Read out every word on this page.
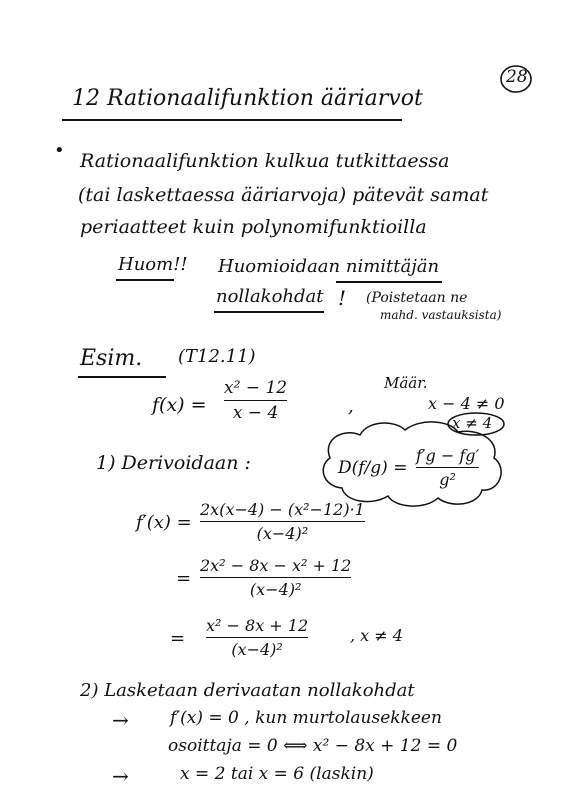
28
12 Rationaalifunktion ääriarvot
• Rationaalifunktion kulkua tutkittaessa
(tai laskettaessa ääriarvoja) pätevät samat
periaatteet kuin polynomifunktioilla
Huom!! Huomioidaan nimittäjän
nollakohdat ! (Poistetaan ne
mahd. vastauksista)
Esim. (T12.11)
f(x) =
x² − 12
x − 4	,
Määr.
x − 4 ≠ 0
x ≠ 4
1) Derivoidaan :	D(f/g) =
f′g − fg′
g²
f′(x) =
2x(x−4) − (x²−12)·1
(x−4)²
=
2x² − 8x − x² + 12
(x−4)²
=
x² − 8x + 12
(x−4)²
, x ≠ 4
2) Lasketaan derivaatan nollakohdat
→ f′(x) = 0 , kun murtolausekkeen
osoittaja = 0 ⟺ x² − 8x + 12 = 0
→	x = 2 tai x = 6 (laskin)
